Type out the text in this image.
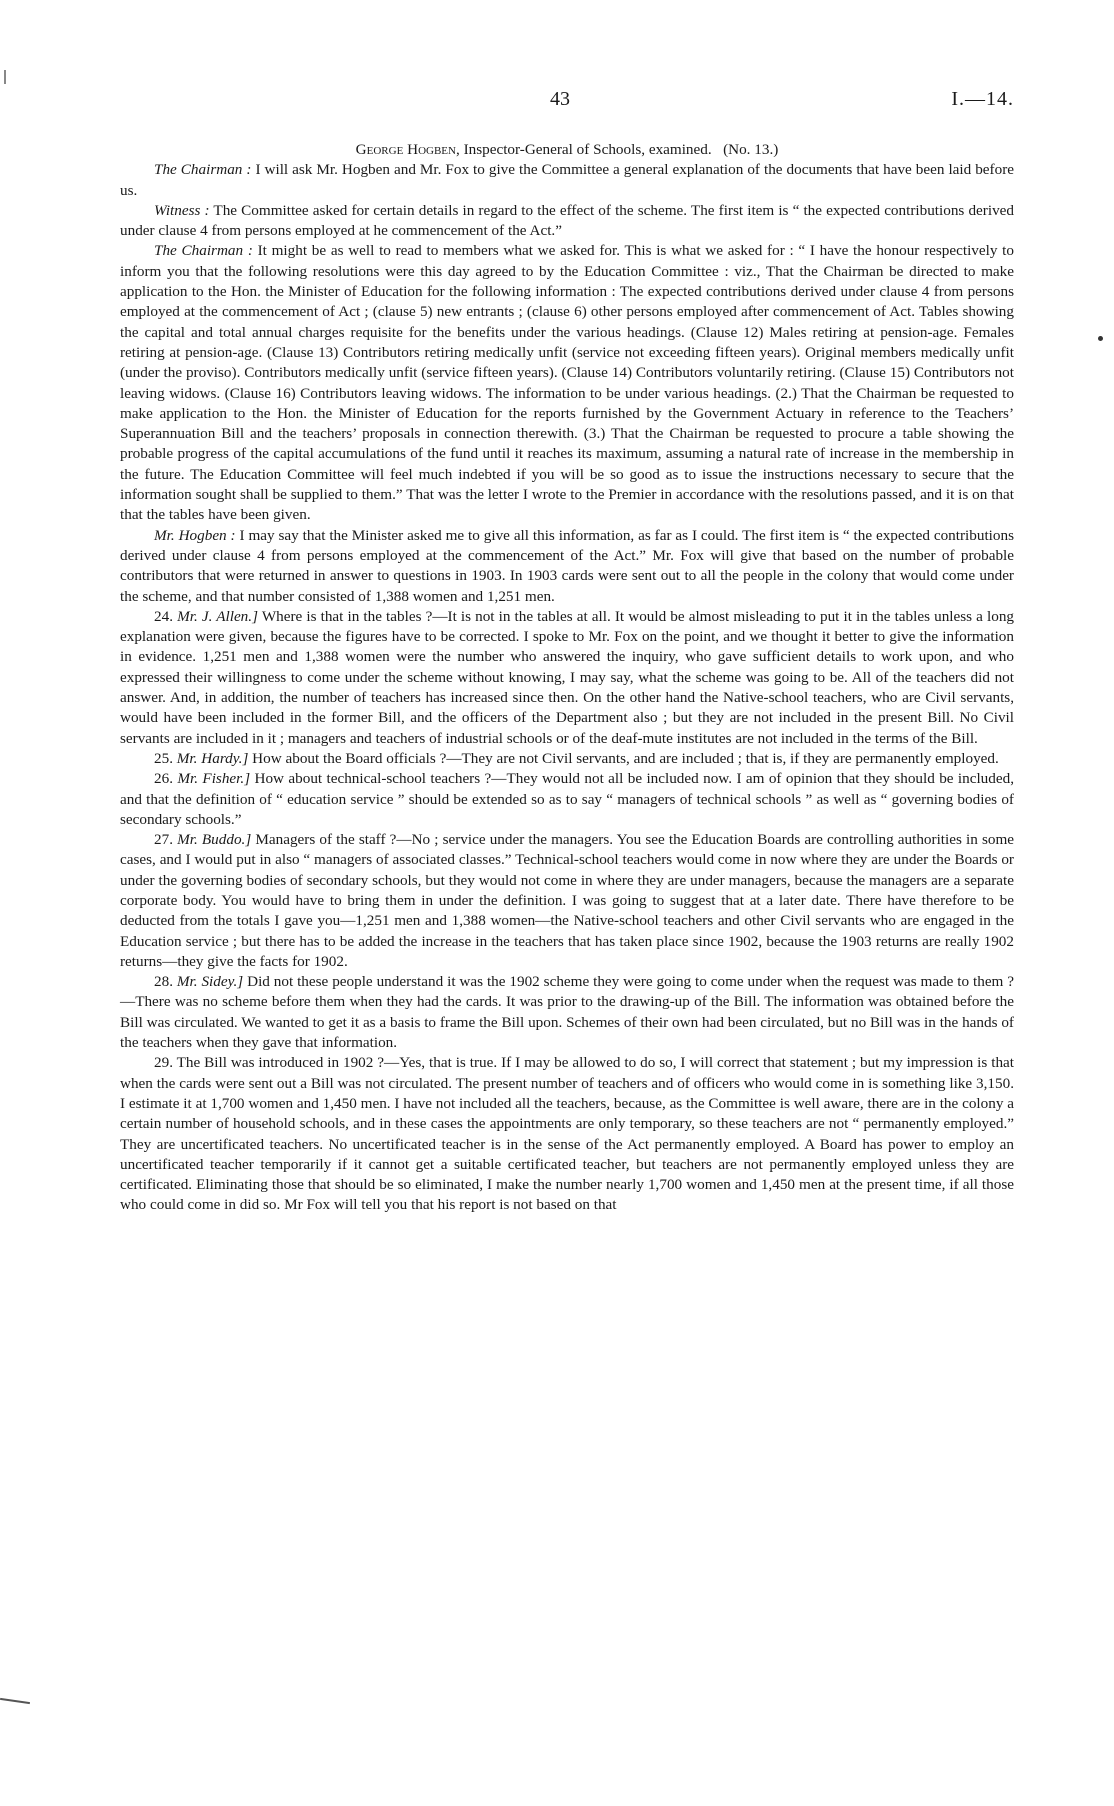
43	I.—14.

George Hogben, Inspector-General of Schools, examined. (No. 13.)

The Chairman : I will ask Mr. Hogben and Mr. Fox to give the Committee a general explanation of the documents that have been laid before us.

Witness : The Committee asked for certain details in regard to the effect of the scheme. The first item is “ the expected contributions derived under clause 4 from persons employed at he commencement of the Act.”

The Chairman : It might be as well to read to members what we asked for. This is what we asked for : “ I have the honour respectively to inform you that the following resolutions were this day agreed to by the Education Committee : viz., That the Chairman be directed to make application to the Hon. the Minister of Education for the following information : The expected contributions derived under clause 4 from persons employed at the commencement of Act ; (clause 5) new entrants ; (clause 6) other persons employed after commencement of Act. Tables showing the capital and total annual charges requisite for the benefits under the various headings. (Clause 12) Males retiring at pension-age. Females retiring at pension-age. (Clause 13) Contributors retiring medically unfit (service not exceeding fifteen years). Original members medically unfit (under the proviso). Contributors medically unfit (service fifteen years). (Clause 14) Contributors voluntarily retiring. (Clause 15) Contributors not leaving widows. (Clause 16) Contributors leaving widows. The information to be under various headings. (2.) That the Chairman be requested to make application to the Hon. the Minister of Education for the reports furnished by the Government Actuary in reference to the Teachers’ Superannuation Bill and the teachers’ proposals in connection therewith. (3.) That the Chairman be requested to procure a table showing the probable progress of the capital accumulations of the fund until it reaches its maximum, assuming a natural rate of increase in the membership in the future. The Education Committee will feel much indebted if you will be so good as to issue the instructions necessary to secure that the information sought shall be supplied to them.” That was the letter I wrote to the Premier in accordance with the resolutions passed, and it is on that that the tables have been given.

Mr. Hogben : I may say that the Minister asked me to give all this information, as far as I could. The first item is “ the expected contributions derived under clause 4 from persons employed at the commencement of the Act.” Mr. Fox will give that based on the number of probable contributors that were returned in answer to questions in 1903. In 1903 cards were sent out to all the people in the colony that would come under the scheme, and that number consisted of 1,388 women and 1,251 men.

24. Mr. J. Allen.] Where is that in the tables ?—It is not in the tables at all. It would be almost misleading to put it in the tables unless a long explanation were given, because the figures have to be corrected. I spoke to Mr. Fox on the point, and we thought it better to give the information in evidence. 1,251 men and 1,388 women were the number who answered the inquiry, who gave sufficient details to work upon, and who expressed their willingness to come under the scheme without knowing, I may say, what the scheme was going to be. All of the teachers did not answer. And, in addition, the number of teachers has increased since then. On the other hand the Native-school teachers, who are Civil servants, would have been included in the former Bill, and the officers of the Department also ; but they are not included in the present Bill. No Civil servants are included in it ; managers and teachers of industrial schools or of the deaf-mute institutes are not included in the terms of the Bill.

25. Mr. Hardy.] How about the Board officials ?—They are not Civil servants, and are included ; that is, if they are permanently employed.

26. Mr. Fisher.] How about technical-school teachers ?—They would not all be included now. I am of opinion that they should be included, and that the definition of “ education service ” should be extended so as to say “ managers of technical schools ” as well as “ governing bodies of secondary schools.”

27. Mr. Buddo.] Managers of the staff ?—No ; service under the managers. You see the Education Boards are controlling authorities in some cases, and I would put in also “ managers of associated classes.” Technical-school teachers would come in now where they are under the Boards or under the governing bodies of secondary schools, but they would not come in where they are under managers, because the managers are a separate corporate body. You would have to bring them in under the definition. I was going to suggest that at a later date. There have therefore to be deducted from the totals I gave you—1,251 men and 1,388 women—the Native-school teachers and other Civil servants who are engaged in the Education service ; but there has to be added the increase in the teachers that has taken place since 1902, because the 1903 returns are really 1902 returns—they give the facts for 1902.

28. Mr. Sidey.] Did not these people understand it was the 1902 scheme they were going to come under when the request was made to them ?—There was no scheme before them when they had the cards. It was prior to the drawing-up of the Bill. The information was obtained before the Bill was circulated. We wanted to get it as a basis to frame the Bill upon. Schemes of their own had been circulated, but no Bill was in the hands of the teachers when they gave that information.

29. The Bill was introduced in 1902 ?—Yes, that is true. If I may be allowed to do so, I will correct that statement ; but my impression is that when the cards were sent out a Bill was not circulated. The present number of teachers and of officers who would come in is something like 3,150. I estimate it at 1,700 women and 1,450 men. I have not included all the teachers, because, as the Committee is well aware, there are in the colony a certain number of household schools, and in these cases the appointments are only temporary, so these teachers are not “ permanently employed.” They are uncertificated teachers. No uncertificated teacher is in the sense of the Act permanently employed. A Board has power to employ an uncertificated teacher temporarily if it cannot get a suitable certificated teacher, but teachers are not permanently employed unless they are certificated. Eliminating those that should be so eliminated, I make the number nearly 1,700 women and 1,450 men at the present time, if all those who could come in did so. Mr Fox will tell you that his report is not based on that
